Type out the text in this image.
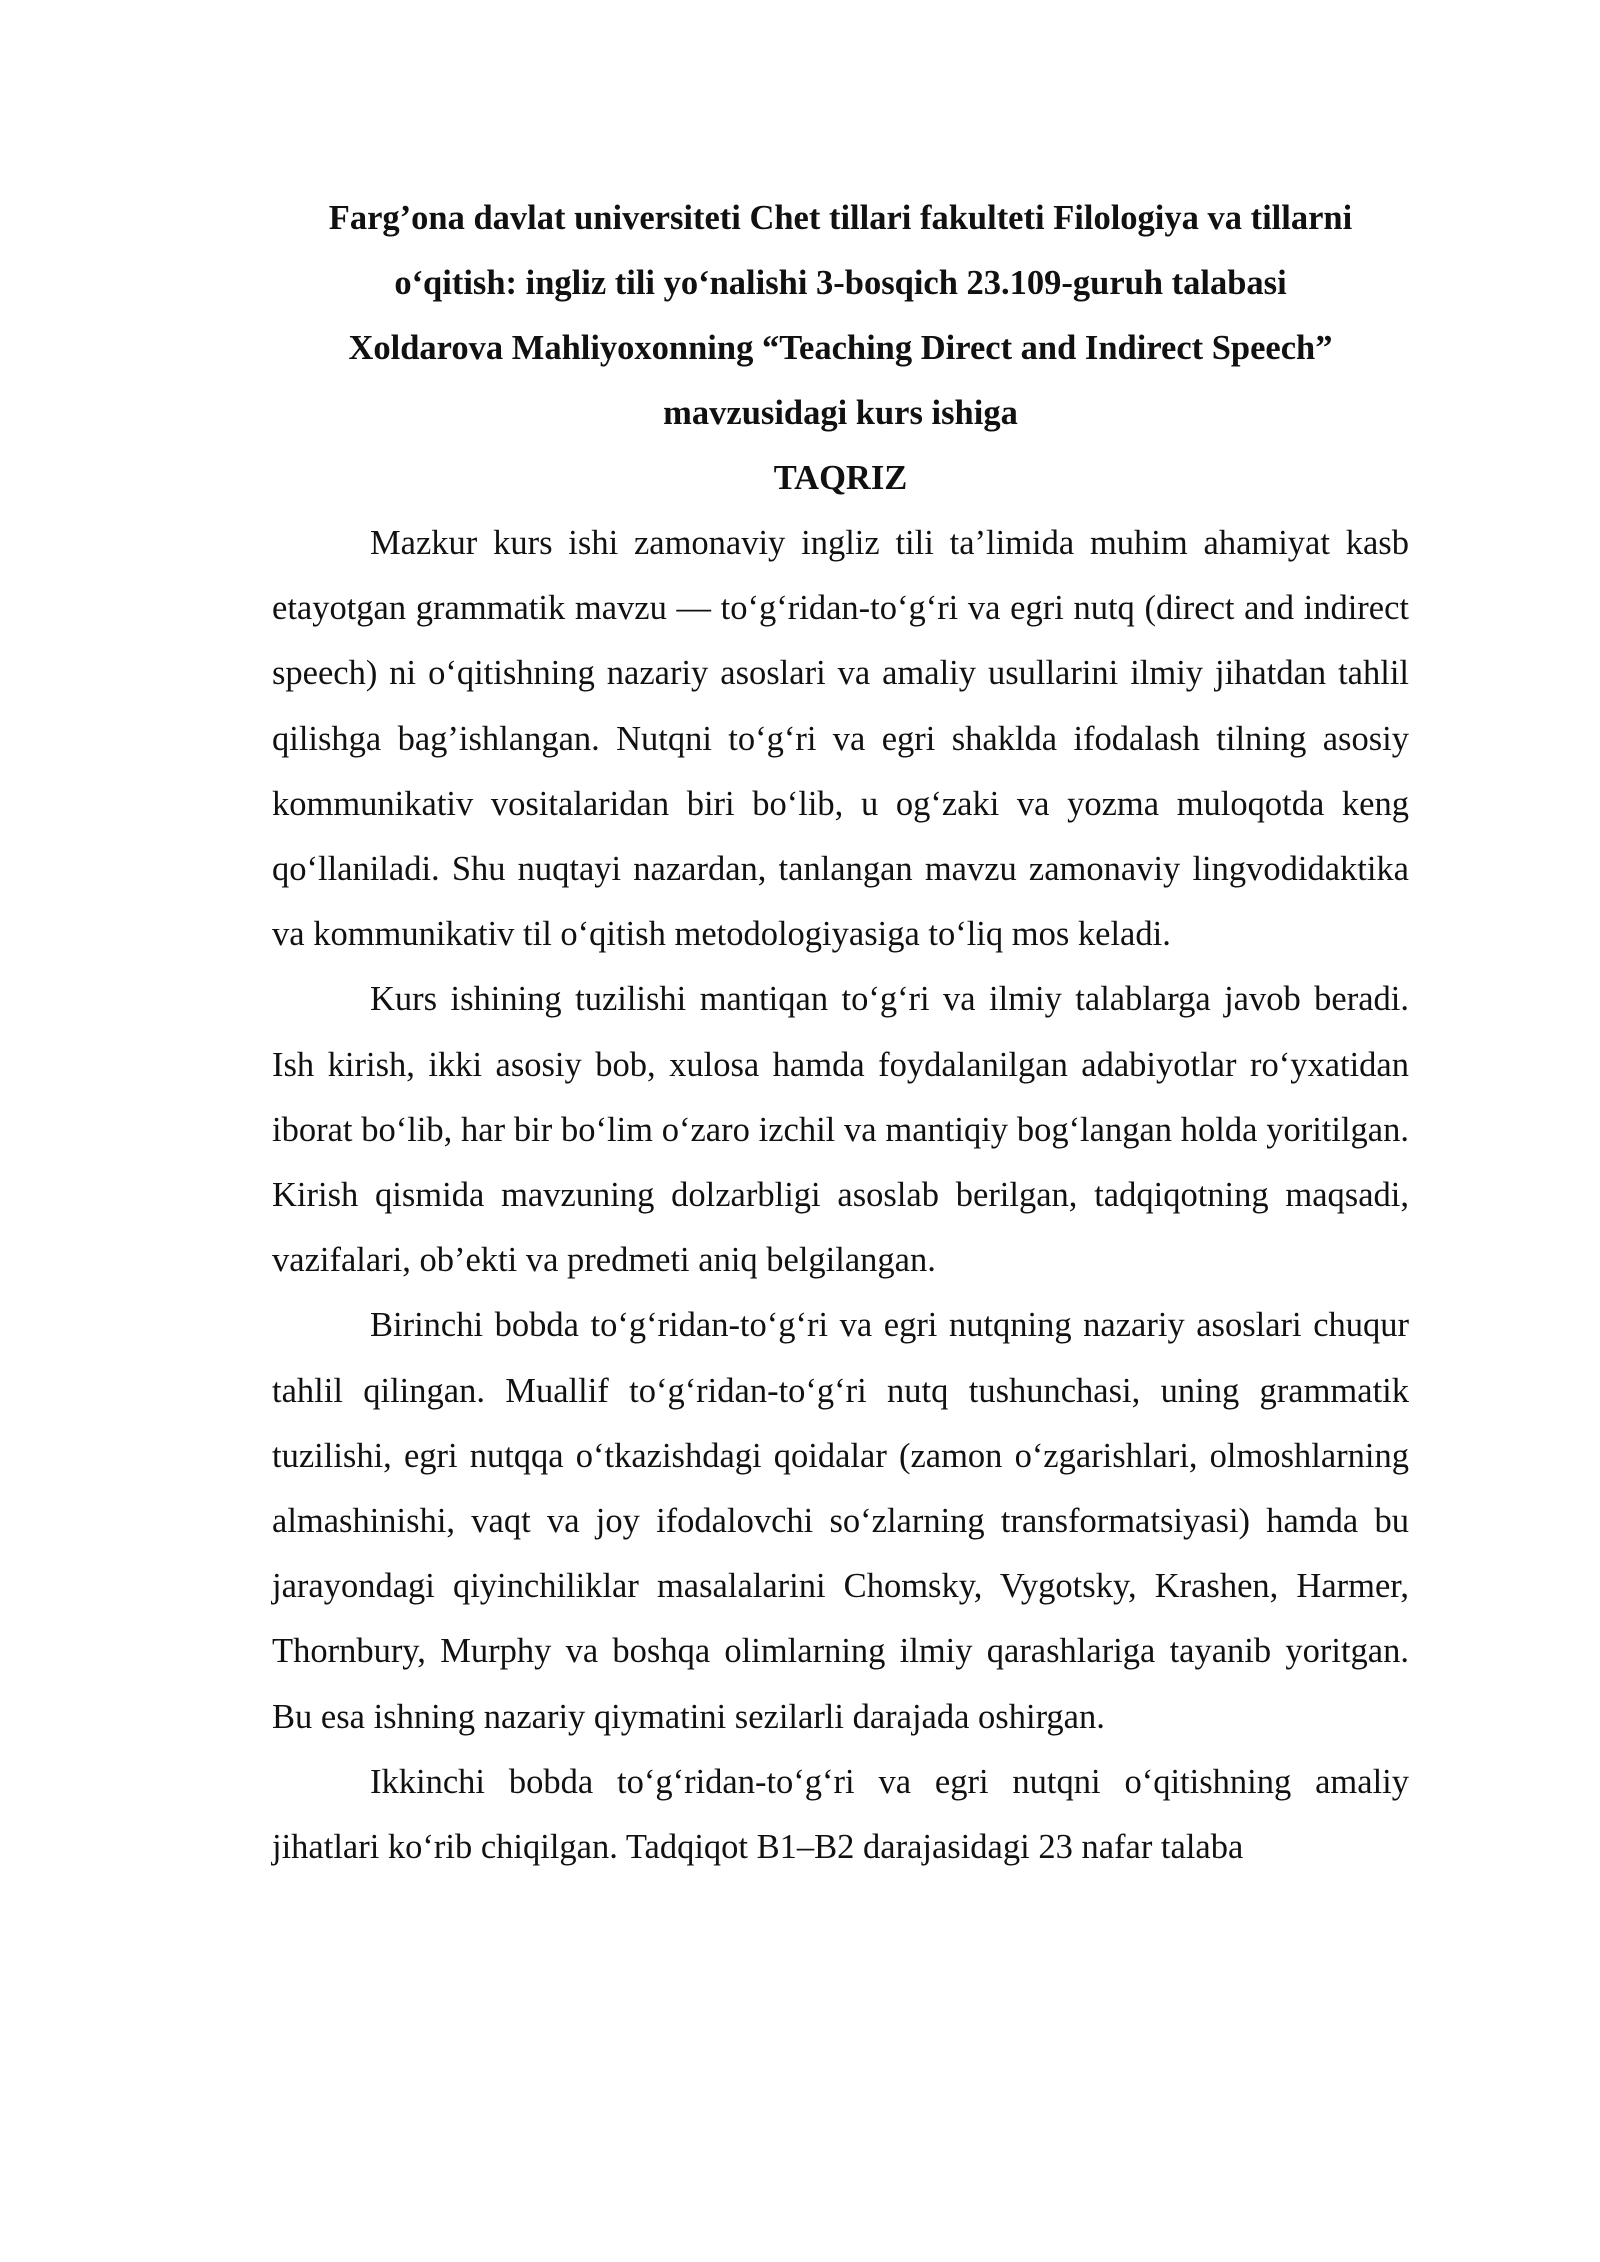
Farg’ona davlat universiteti Chet tillari fakulteti Filologiya va tillarni
o‘qitish: ingliz tili yo‘nalishi 3-bosqich 23.109-guruh talabasi
Xoldarova Mahliyoxonning “Teaching Direct and Indirect Speech”
mavzusidagi kurs ishiga
TAQRIZ

Mazkur kurs ishi zamonaviy ingliz tili ta’limida muhim ahamiyat kasb etayotgan grammatik mavzu — to‘g‘ridan-to‘g‘ri va egri nutq (direct and indirect speech) ni o‘qitishning nazariy asoslari va amaliy usullarini ilmiy jihatdan tahlil qilishga bag’ishlangan. Nutqni to‘g‘ri va egri shaklda ifodalash tilning asosiy kommunikativ vositalaridan biri bo‘lib, u og‘zaki va yozma muloqotda keng qo‘llaniladi. Shu nuqtayi nazardan, tanlangan mavzu zamonaviy lingvodidaktika va kommunikativ til o‘qitish metodologiyasiga to‘liq mos keladi.

Kurs ishining tuzilishi mantiqan to‘g‘ri va ilmiy talablarga javob beradi. Ish kirish, ikki asosiy bob, xulosa hamda foydalanilgan adabiyotlar ro‘yxatidan iborat bo‘lib, har bir bo‘lim o‘zaro izchil va mantiqiy bog‘langan holda yoritilgan. Kirish qismida mavzuning dolzarbligi asoslab berilgan, tadqiqotning maqsadi, vazifalari, ob’ekti va predmeti aniq belgilangan.

Birinchi bobda to‘g‘ridan-to‘g‘ri va egri nutqning nazariy asoslari chuqur tahlil qilingan. Muallif to‘g‘ridan-to‘g‘ri nutq tushunchasi, uning grammatik tuzilishi, egri nutqqa o‘tkazishdagi qoidalar (zamon o‘zgarishlari, olmoshlarning almashinishi, vaqt va joy ifodalovchi so‘zlarning transformatsiyasi) hamda bu jarayondagi qiyinchiliklar masalalarini Chomsky, Vygotsky, Krashen, Harmer, Thornbury, Murphy va boshqa olimlarning ilmiy qarashlariga tayanib yoritgan. Bu esa ishning nazariy qiymatini sezilarli darajada oshirgan.

Ikkinchi bobda to‘g‘ridan-to‘g‘ri va egri nutqni o‘qitishning amaliy jihatlari ko‘rib chiqilgan. Tadqiqot B1–B2 darajasidagi 23 nafar talaba
